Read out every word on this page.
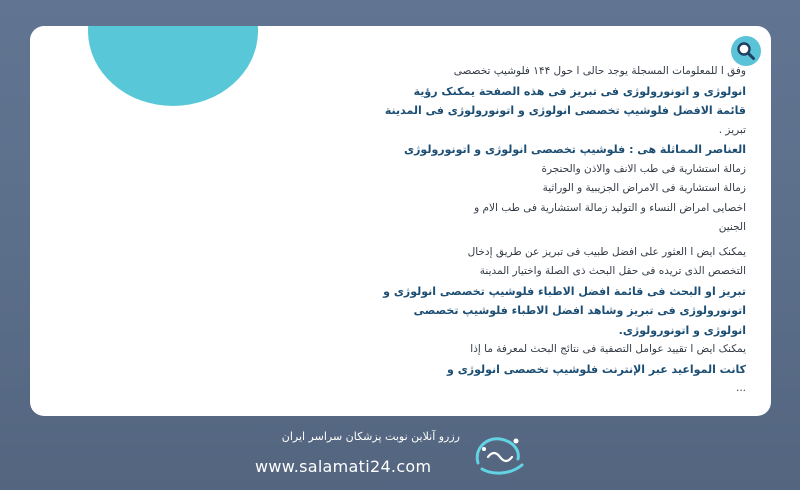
وفق ا للمعلومات المسجلة يوجد حالی ا حول ۱۴۴ فلوشیپ تخصصی

انولوژی و اتونورولوژی فی تبریز فی هذه الصفحة یمکنک رؤیة

قائمة الافضل فلوشیپ تخصصی انولوژی و اتونورولوژی فی المدینة

تبریز .

العناصر المماثلة هی : فلوشیپ تخصصی انولوژی و اتونورولوژی

زمالة استشاریة فی طب الانف والاذن والحنجرة

زمالة استشاریة فی الامراض الجزیبیة و الوراثیة

اخصایی امراض النساء و التولید زمالة استشاریة فی طب الام و

الجنین

یمکنک ایض ا العثور علی افضل طبیب فی تبریز عن طریق إدخال

التخصص الذی تریده فی حقل البحث ذی الصلة واختیار المدینة

تبریز او البحث فی قائمة افضل الاطباء فلوشیپ تخصصی انولوژی و

اتونورولوژی فی تبریز وشاهد افضل الاطباء فلوشیپ تخصصی

انولوژی و اتونورولوژی.

یمکنک ایض ا تقیید عوامل التصفیة فی نتائج البحث لمعرفة ما إذا

کانت المواعید عبر الإنترنت فلوشیپ تخصصی انولوژی و

...

رزرو آنلاین نوبت پزشکان سراسر ایران
www.salamati24.com
